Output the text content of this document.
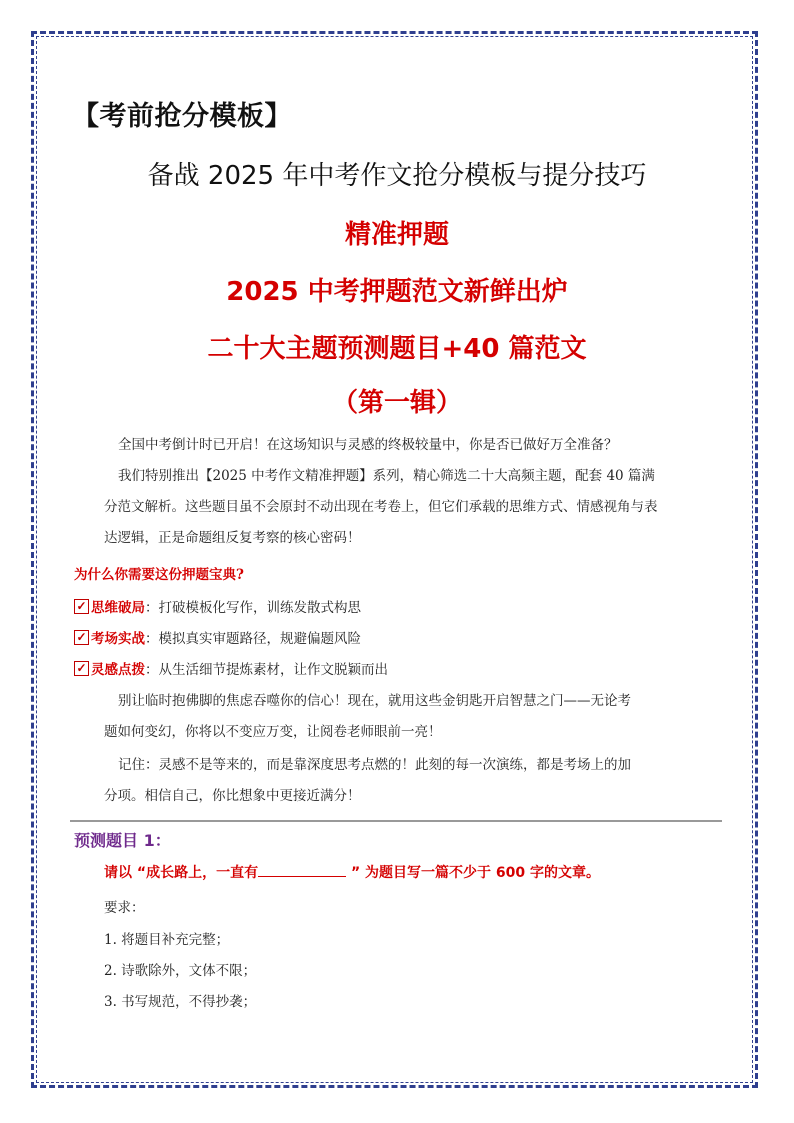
【考前抢分模板】
备战 2025 年中考作文抢分模板与提分技巧
精准押题
2025 中考押题范文新鲜出炉
二十大主题预测题目+40 篇范文
（第一辑）
全国中考倒计时已开启！在这场知识与灵感的终极较量中，你是否已做好万全准备？
我们特别推出【2025 中考作文精准押题】系列，精心筛选二十大高频主题，配套 40 篇满
分范文解析。这些题目虽不会原封不动出现在考卷上，但它们承载的思维方式、情感视角与表
达逻辑，正是命题组反复考察的核心密码！
为什么你需要这份押题宝典?
✓ 思维破局 ：打破模板化写作，训练发散式构思
✓ 考场实战 ：模拟真实审题路径，规避偏题风险
✓ 灵感点拨 ：从生活细节提炼素材，让作文脱颖而出
别让临时抱佛脚的焦虑吞噬你的信心！现在，就用这些金钥匙开启智慧之门——无论考
题如何变幻，你将以不变应万变，让阅卷老师眼前一亮！
记住：灵感不是等来的，而是靠深度思考点燃的！此刻的每一次演练，都是考场上的加
分项。相信自己，你比想象中更接近满分！
预测题目 1：
请以 “成长路上，一直有	” 为题目写一篇不少于 600 字的文章。
要求：
1. 将题目补充完整；
2. 诗歌除外，文体不限；
3. 书写规范，不得抄袭；
